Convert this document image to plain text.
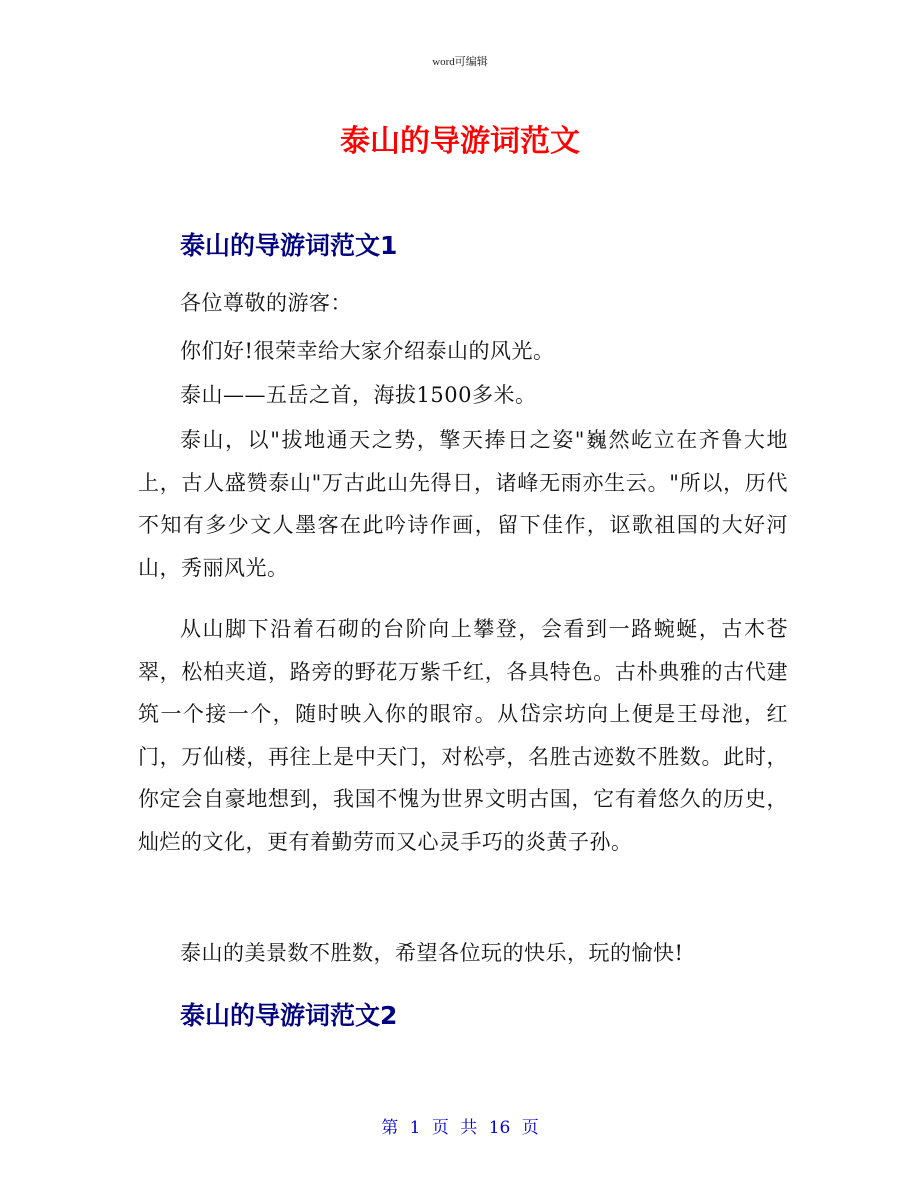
word可编辑
泰山的导游词范文
泰山的导游词范文1

各位尊敬的游客：

你们好!很荣幸给大家介绍泰山的风光。

泰山——五岳之首，海拔1500多米。

泰山，以"拔地通天之势，擎天捧日之姿"巍然屹立在齐鲁大地上，古人盛赞泰山"万古此山先得日，诸峰无雨亦生云。"所以，历代不知有多少文人墨客在此吟诗作画，留下佳作，讴歌祖国的大好河山，秀丽风光。

从山脚下沿着石砌的台阶向上攀登，会看到一路蜿蜒，古木苍翠，松柏夹道，路旁的野花万紫千红，各具特色。古朴典雅的古代建筑一个接一个，随时映入你的眼帘。从岱宗坊向上便是王母池，红门，万仙楼，再往上是中天门，对松亭，名胜古迹数不胜数。此时，你定会自豪地想到，我国不愧为世界文明古国，它有着悠久的历史，灿烂的文化，更有着勤劳而又心灵手巧的炎黄子孙。

泰山的美景数不胜数，希望各位玩的快乐，玩的愉快!

泰山的导游词范文2
第 1 页 共 16 页
